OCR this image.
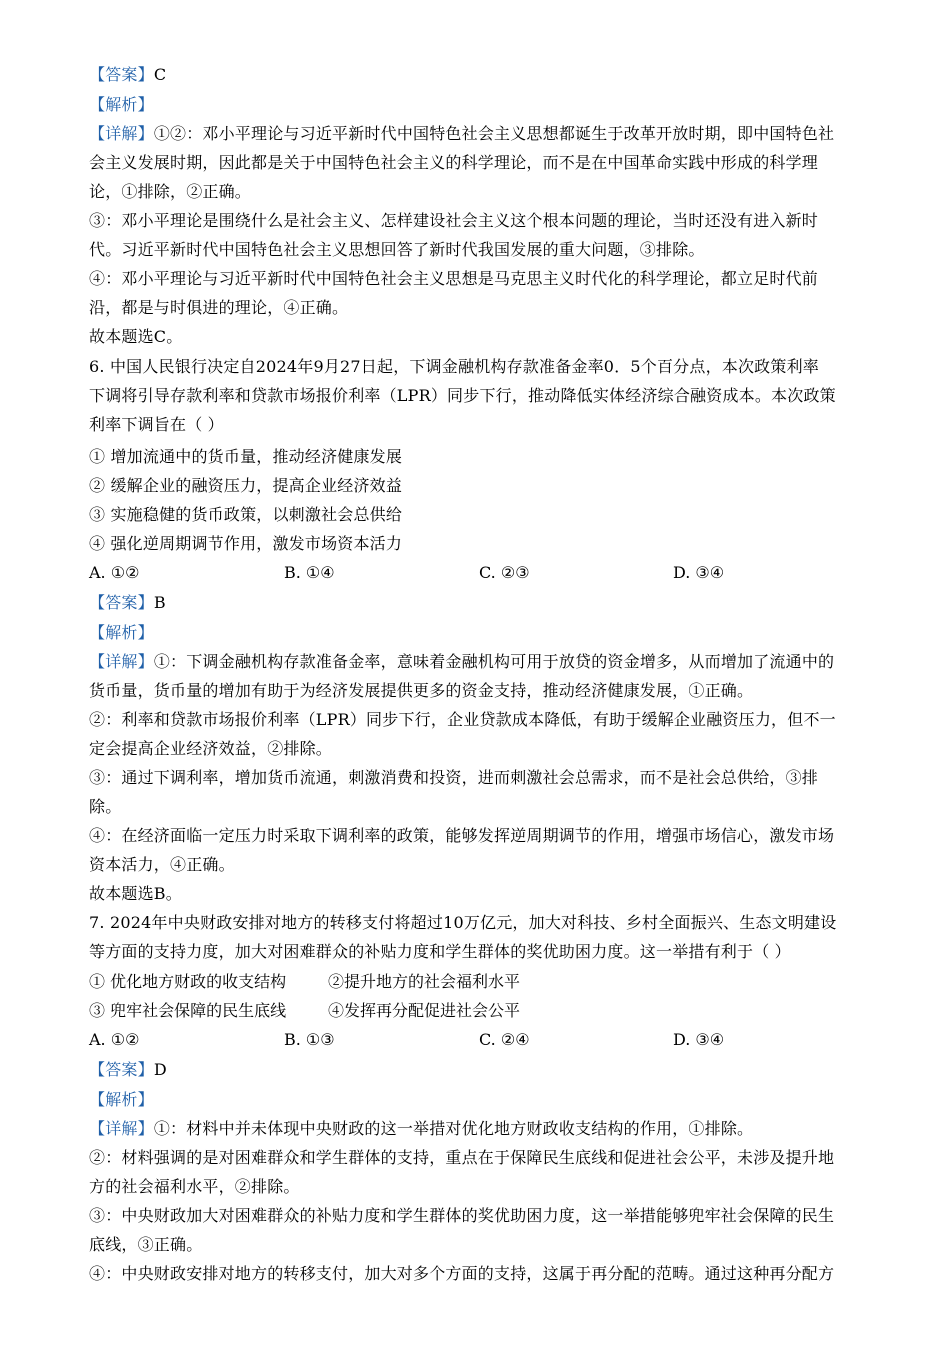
【答案】C
【解析】
【详解】①②：邓小平理论与习近平新时代中国特色社会主义思想都诞生于改革开放时期，即中国特色社
会主义发展时期，因此都是关于中国特色社会主义的科学理论，而不是在中国革命实践中形成的科学理
论，①排除，②正确。
③：邓小平理论是围绕什么是社会主义、怎样建设社会主义这个根本问题的理论，当时还没有进入新时
代。习近平新时代中国特色社会主义思想回答了新时代我国发展的重大问题，③排除。
④：邓小平理论与习近平新时代中国特色社会主义思想是马克思主义时代化的科学理论，都立足时代前
沿，都是与时俱进的理论，④正确。
故本题选C。
6. 中国人民银行决定自2024年9月27日起，下调金融机构存款准备金率0．5个百分点，本次政策利率
下调将引导存款利率和贷款市场报价利率（LPR）同步下行，推动降低实体经济综合融资成本。本次政策
利率下调旨在（ ）
① 增加流通中的货币量，推动经济健康发展
② 缓解企业的融资压力，提高企业经济效益
③ 实施稳健的货币政策，以刺激社会总供给
④ 强化逆周期调节作用，激发市场资本活力
A. ①②	B. ①④	C. ②③	D. ③④
【答案】B
【解析】
【详解】①：下调金融机构存款准备金率，意味着金融机构可用于放贷的资金增多，从而增加了流通中的
货币量，货币量的增加有助于为经济发展提供更多的资金支持，推动经济健康发展，①正确。
②：利率和贷款市场报价利率（LPR）同步下行，企业贷款成本降低，有助于缓解企业融资压力，但不一
定会提高企业经济效益，②排除。
③：通过下调利率，增加货币流通，刺激消费和投资，进而刺激社会总需求，而不是社会总供给，③排
除。
④：在经济面临一定压力时采取下调利率的政策，能够发挥逆周期调节的作用，增强市场信心，激发市场
资本活力，④正确。
故本题选B。
7. 2024年中央财政安排对地方的转移支付将超过10万亿元，加大对科技、乡村全面振兴、生态文明建设
等方面的支持力度，加大对困难群众的补贴力度和学生群体的奖优助困力度。这一举措有利于（ ）
① 优化地方财政的收支结构	②提升地方的社会福利水平
③ 兜牢社会保障的民生底线	④发挥再分配促进社会公平
A. ①②	B. ①③	C. ②④	D. ③④
【答案】D
【解析】
【详解】①：材料中并未体现中央财政的这一举措对优化地方财政收支结构的作用，①排除。
②：材料强调的是对困难群众和学生群体的支持，重点在于保障民生底线和促进社会公平，未涉及提升地
方的社会福利水平，②排除。
③：中央财政加大对困难群众的补贴力度和学生群体的奖优助困力度，这一举措能够兜牢社会保障的民生
底线，③正确。
④：中央财政安排对地方的转移支付，加大对多个方面的支持，这属于再分配的范畴。通过这种再分配方
